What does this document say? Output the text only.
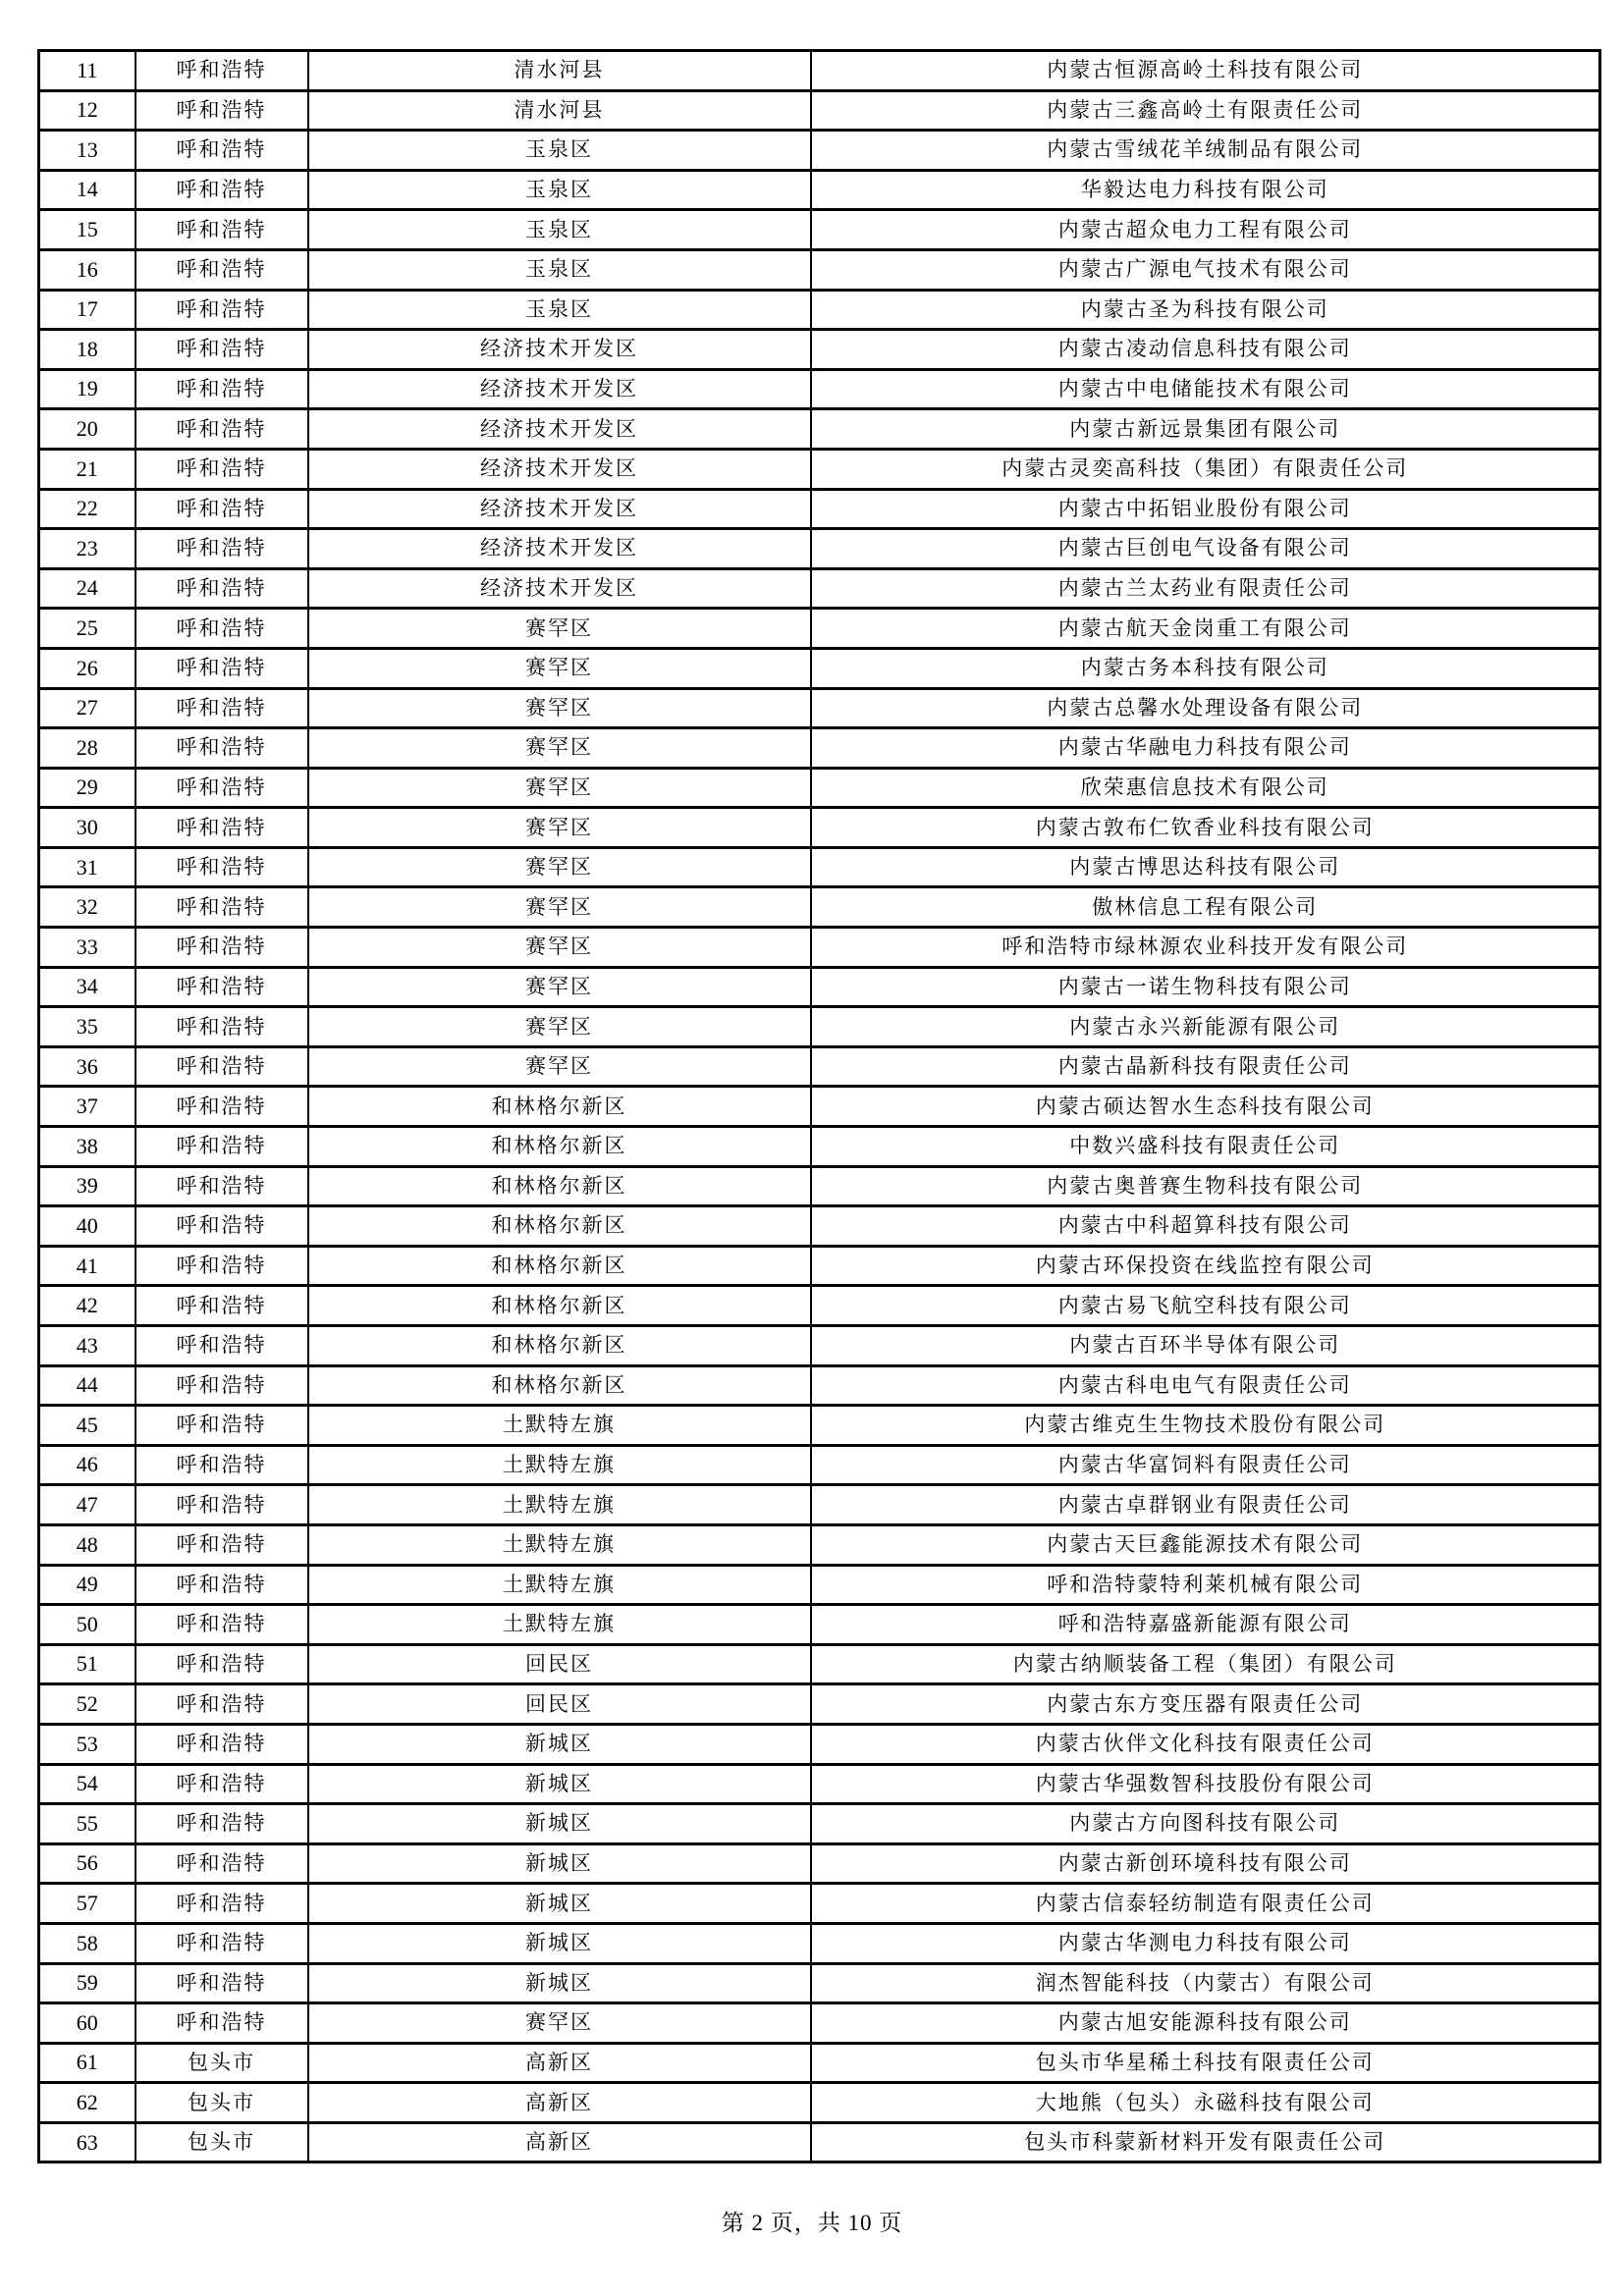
11	呼和浩特	清水河县	内蒙古恒源高岭土科技有限公司
12	呼和浩特	清水河县	内蒙古三鑫高岭土有限责任公司
13	呼和浩特	玉泉区	内蒙古雪绒花羊绒制品有限公司
14	呼和浩特	玉泉区	华毅达电力科技有限公司
15	呼和浩特	玉泉区	内蒙古超众电力工程有限公司
16	呼和浩特	玉泉区	内蒙古广源电气技术有限公司
17	呼和浩特	玉泉区	内蒙古圣为科技有限公司
18	呼和浩特	经济技术开发区	内蒙古凌动信息科技有限公司
19	呼和浩特	经济技术开发区	内蒙古中电储能技术有限公司
20	呼和浩特	经济技术开发区	内蒙古新远景集团有限公司
21	呼和浩特	经济技术开发区	内蒙古灵奕高科技（集团）有限责任公司
22	呼和浩特	经济技术开发区	内蒙古中拓铝业股份有限公司
23	呼和浩特	经济技术开发区	内蒙古巨创电气设备有限公司
24	呼和浩特	经济技术开发区	内蒙古兰太药业有限责任公司
25	呼和浩特	赛罕区	内蒙古航天金岗重工有限公司
26	呼和浩特	赛罕区	内蒙古务本科技有限公司
27	呼和浩特	赛罕区	内蒙古总馨水处理设备有限公司
28	呼和浩特	赛罕区	内蒙古华融电力科技有限公司
29	呼和浩特	赛罕区	欣荣惠信息技术有限公司
30	呼和浩特	赛罕区	内蒙古敦布仁钦香业科技有限公司
31	呼和浩特	赛罕区	内蒙古博思达科技有限公司
32	呼和浩特	赛罕区	傲林信息工程有限公司
33	呼和浩特	赛罕区	呼和浩特市绿林源农业科技开发有限公司
34	呼和浩特	赛罕区	内蒙古一诺生物科技有限公司
35	呼和浩特	赛罕区	内蒙古永兴新能源有限公司
36	呼和浩特	赛罕区	内蒙古晶新科技有限责任公司
37	呼和浩特	和林格尔新区	内蒙古硕达智水生态科技有限公司
38	呼和浩特	和林格尔新区	中数兴盛科技有限责任公司
39	呼和浩特	和林格尔新区	内蒙古奥普赛生物科技有限公司
40	呼和浩特	和林格尔新区	内蒙古中科超算科技有限公司
41	呼和浩特	和林格尔新区	内蒙古环保投资在线监控有限公司
42	呼和浩特	和林格尔新区	内蒙古易飞航空科技有限公司
43	呼和浩特	和林格尔新区	内蒙古百环半导体有限公司
44	呼和浩特	和林格尔新区	内蒙古科电电气有限责任公司
45	呼和浩特	土默特左旗	内蒙古维克生生物技术股份有限公司
46	呼和浩特	土默特左旗	内蒙古华富饲料有限责任公司
47	呼和浩特	土默特左旗	内蒙古卓群钢业有限责任公司
48	呼和浩特	土默特左旗	内蒙古天巨鑫能源技术有限公司
49	呼和浩特	土默特左旗	呼和浩特蒙特利莱机械有限公司
50	呼和浩特	土默特左旗	呼和浩特嘉盛新能源有限公司
51	呼和浩特	回民区	内蒙古纳顺装备工程（集团）有限公司
52	呼和浩特	回民区	内蒙古东方变压器有限责任公司
53	呼和浩特	新城区	内蒙古伙伴文化科技有限责任公司
54	呼和浩特	新城区	内蒙古华强数智科技股份有限公司
55	呼和浩特	新城区	内蒙古方向图科技有限公司
56	呼和浩特	新城区	内蒙古新创环境科技有限公司
57	呼和浩特	新城区	内蒙古信泰轻纺制造有限责任公司
58	呼和浩特	新城区	内蒙古华测电力科技有限公司
59	呼和浩特	新城区	润杰智能科技（内蒙古）有限公司
60	呼和浩特	赛罕区	内蒙古旭安能源科技有限公司
61	包头市	高新区	包头市华星稀土科技有限责任公司
62	包头市	高新区	大地熊（包头）永磁科技有限公司
63	包头市	高新区	包头市科蒙新材料开发有限责任公司
第 2 页，共 10 页
